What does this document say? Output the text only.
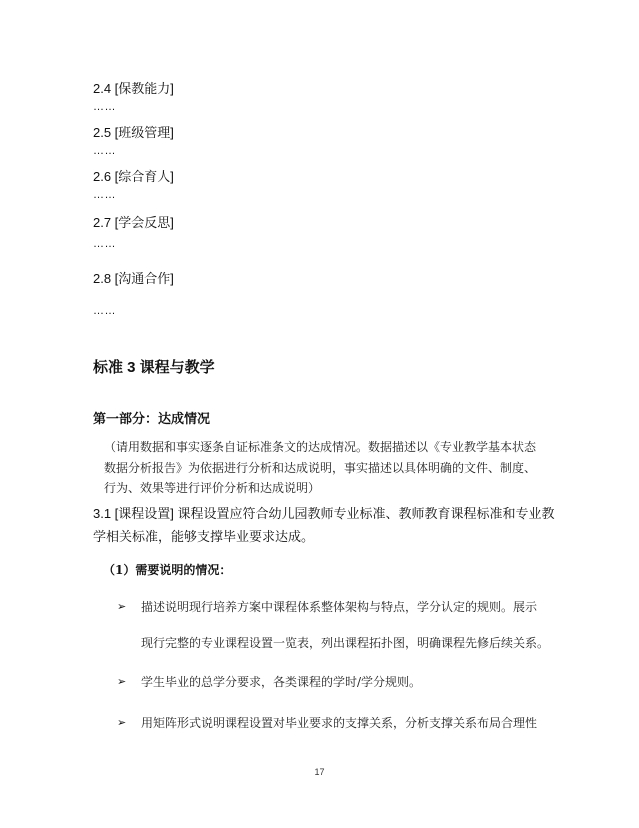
2.4 [保教能力]
……
2.5 [班级管理]
……
2.6 [综合育人]
……
2.7 [学会反思]
……
2.8 [沟通合作]
……
标准 3 课程与教学
第一部分：达成情况
（请用数据和事实逐条自证标准条文的达成情况。数据描述以《专业教学基本状态
数据分析报告》为依据进行分析和达成说明，事实描述以具体明确的文件、制度、
行为、效果等进行评价分析和达成说明）
3.1 [课程设置] 课程设置应符合幼儿园教师专业标准、教师教育课程标准和专业教
学相关标准，能够支撑毕业要求达成。
（1）需要说明的情况：
➢ 描述说明现行培养方案中课程体系整体架构与特点，学分认定的规则。展示
现行完整的专业课程设置一览表，列出课程拓扑图，明确课程先修后续关系。
➢ 学生毕业的总学分要求，各类课程的学时/学分规则。
➢ 用矩阵形式说明课程设置对毕业要求的支撑关系，分析支撑关系布局合理性
17
